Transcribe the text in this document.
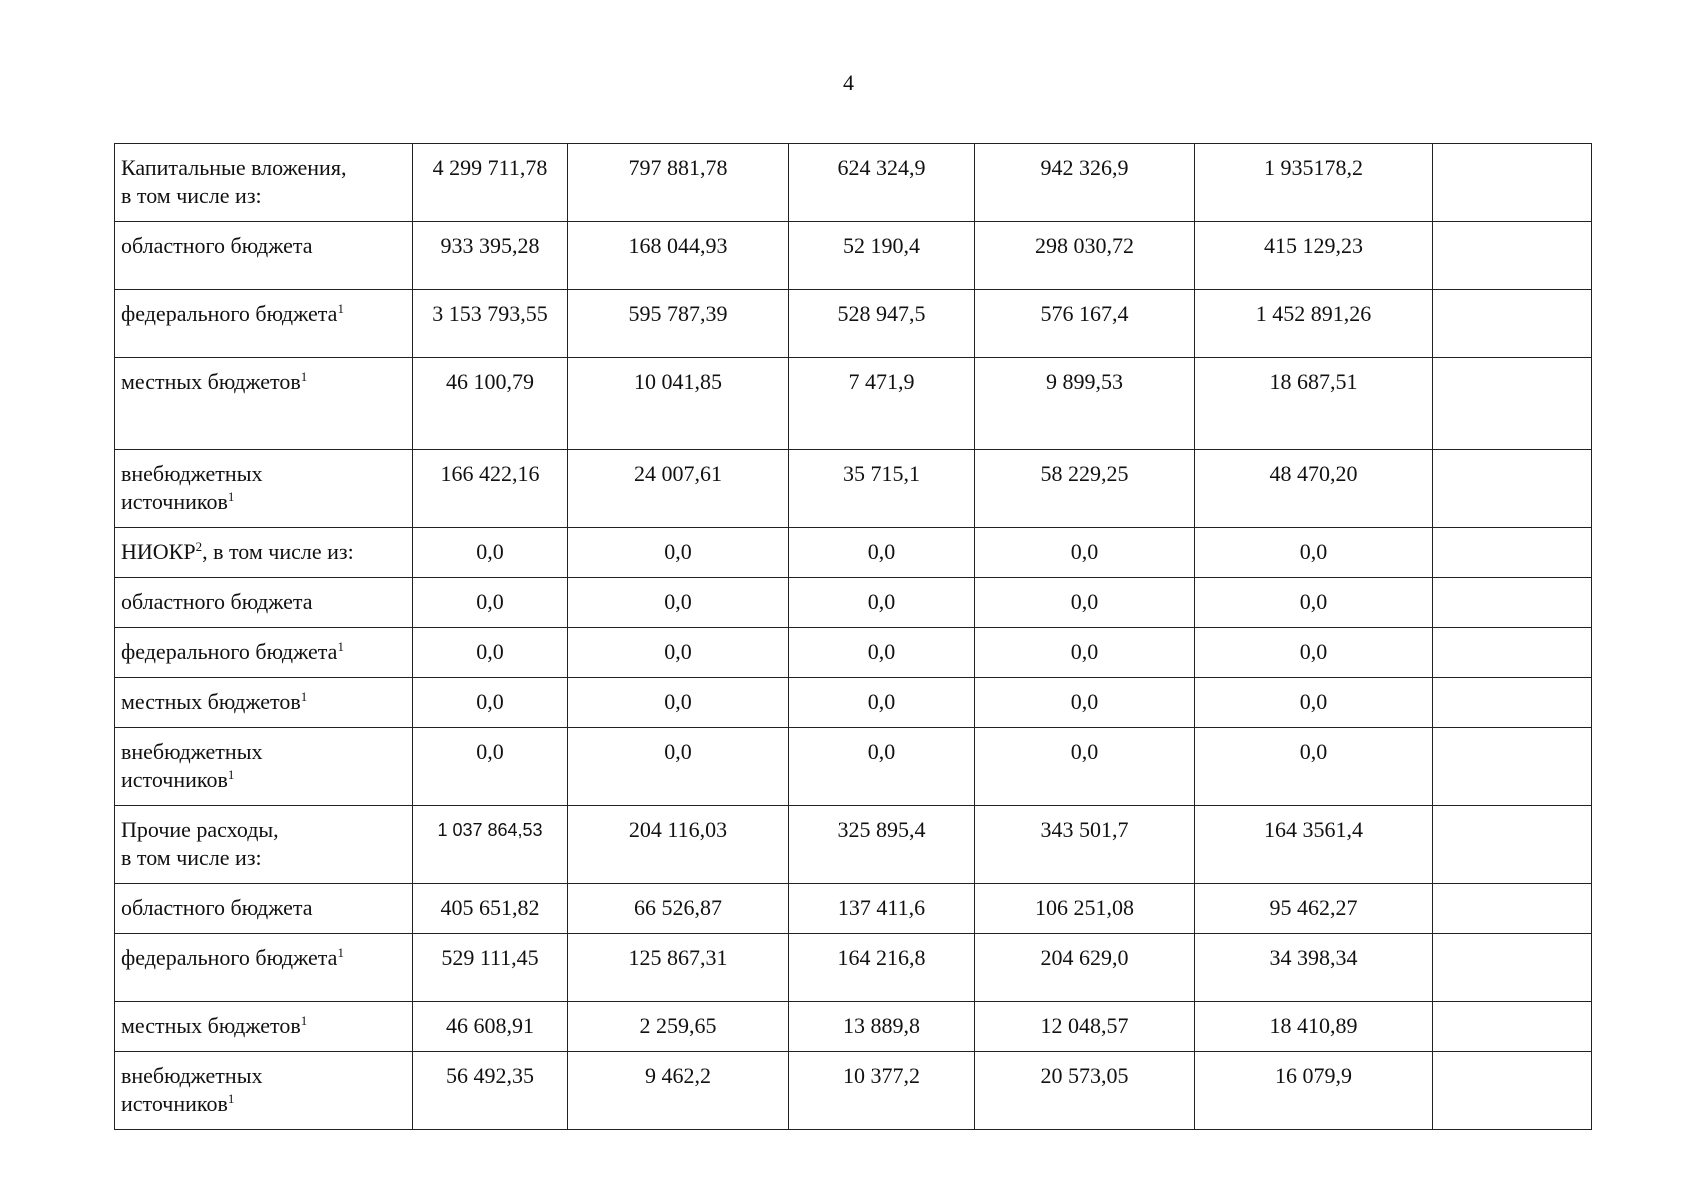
4
Капитальные вложения,
в том числе из:	4 299 711,78	797 881,78	624 324,9	942 326,9	1 935178,2	

областного бюджета	933 395,28	168 044,93	52 190,4	298 030,72	415 129,23	

федерального бюджета$^1$	3 153 793,55	595 787,39	528 947,5	576 167,4	1 452 891,26	

местных бюджетов$^1$	46 100,79	10 041,85	7 471,9	9 899,53	18 687,51	

внебюджетных
источников$^1$	166 422,16	24 007,61	35 715,1	58 229,25	48 470,20	

НИОКР$^2$, в том числе из:	0,0	0,0	0,0	0,0	0,0	

областного бюджета	0,0	0,0	0,0	0,0	0,0	

федерального бюджета$^1$	0,0	0,0	0,0	0,0	0,0	

местных бюджетов$^1$	0,0	0,0	0,0	0,0	0,0	

внебюджетных
источников$^1$	0,0	0,0	0,0	0,0	0,0	

Прочие расходы,
в том числе из:	1 037 864,53	204 116,03	325 895,4	343 501,7	164 3561,4	

областного бюджета	405 651,82	66 526,87	137 411,6	106 251,08	95 462,27	

федерального бюджета$^1$	529 111,45	125 867,31	164 216,8	204 629,0	34 398,34	

местных бюджетов$^1$	46 608,91	2 259,65	13 889,8	12 048,57	18 410,89	

внебюджетных
источников$^1$	56 492,35	9 462,2	10 377,2	20 573,05	16 079,9	
